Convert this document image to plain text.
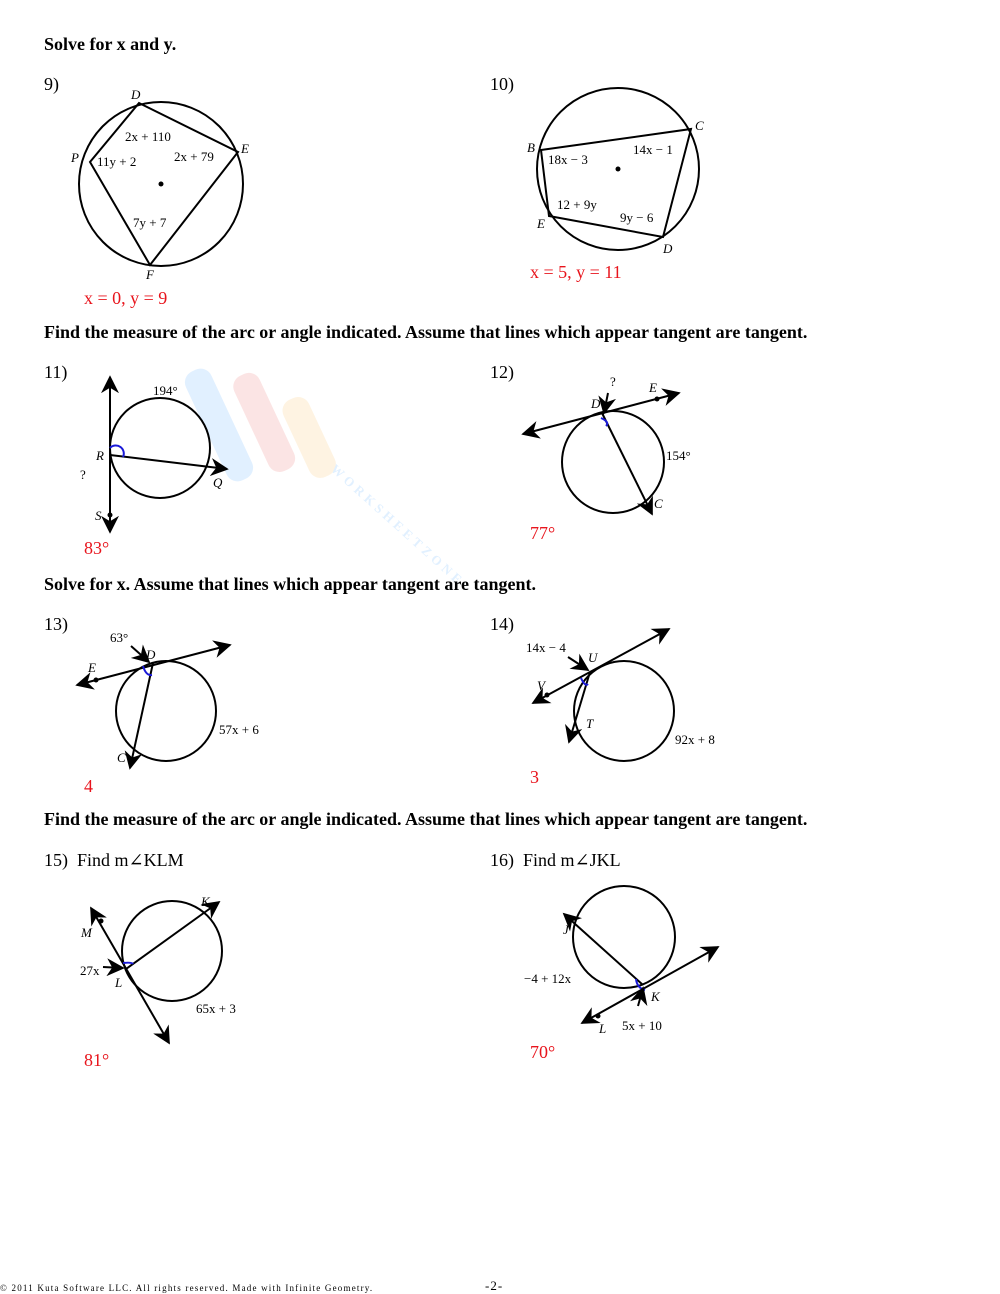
WORKSHEETZONE
Solve for x and y.
Find the measure of the arc or angle indicated. Assume that lines which appear tangent are tangent.
Solve for x. Assume that lines which appear tangent are tangent.
Find the measure of the arc or angle indicated. Assume that lines which appear tangent are tangent.
9)	10)
11)	12)
13)	14)
15) Find m∠KLM	16) Find m∠JKL
x = 0, y = 9
x = 5, y = 11
83°
77°
4	3
81°	70°
D
P
E
F
2x + 110
2x + 79
11y + 2
7y + 7
B
C
E
D
18x − 3
14x − 1
12 + 9y
9y − 6
194°
R
Q
S
?
?
D
E
154°
C
63°
D
E
57x + 6
C
14x − 4
U
V
T
92x + 8
K
M
27x
L
65x + 3
J
−4 + 12x
K
L 5x + 10
© 2011 Kuta Software LLC. All rights reserved. Made with Infinite Geometry.	-2-
